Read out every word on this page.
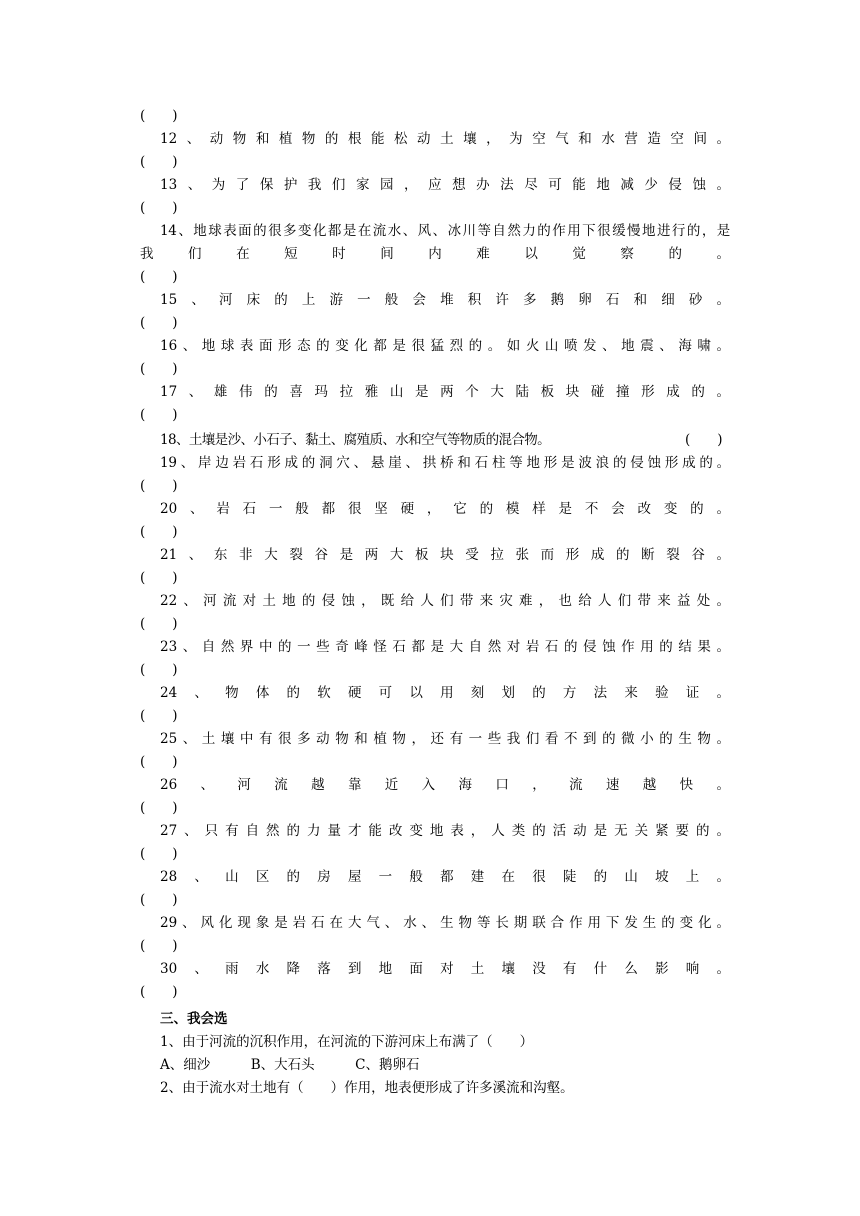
(　　)
12、动物和植物的根能松动土壤，为空气和水营造空间。
(　　)
13、为了保护我们家园，应想办法尽可能地减少侵蚀。
(　　)
14、地球表面的很多变化都是在流水、风、冰川等自然力的作用下很缓慢地进行的，是
我们在短时间内难以觉察的。
(　　)
15、河床的上游一般会堆积许多鹅卵石和细砂。
(　　)
16、地球表面形态的变化都是很猛烈的。如火山喷发、地震、海啸。
(　　)
17、雄伟的喜玛拉雅山是两个大陆板块碰撞形成的。
(　　)
18、土壤是沙、小石子、黏土、腐殖质、水和空气等物质的混合物。	(　　)
19、岸边岩石形成的洞穴、悬崖、拱桥和石柱等地形是波浪的侵蚀形成的。
(　　)
20、岩石一般都很坚硬，它的模样是不会改变的。
(　　)
21、东非大裂谷是两大板块受拉张而形成的断裂谷。
(　　)
22、河流对土地的侵蚀，既给人们带来灾难，也给人们带来益处。
(　　)
23、自然界中的一些奇峰怪石都是大自然对岩石的侵蚀作用的结果。
(　　)
24、物体的软硬可以用刻划的方法来验证。
(　　)
25、土壤中有很多动物和植物，还有一些我们看不到的微小的生物。
(　　)
26、河流越靠近入海口，流速越快。
(　　)
27、只有自然的力量才能改变地表，人类的活动是无关紧要的。
(　　)
28、山区的房屋一般都建在很陡的山坡上。
(　　)
29、风化现象是岩石在大气、水、生物等长期联合作用下发生的变化。
(　　)
30、雨水降落到地面对土壤没有什么影响。
(　　)
三、我会选
1、由于河流的沉积作用，在河流的下游河床上布满了（　　）
A、细沙　　　B、大石头　　　C、鹅卵石
2、由于流水对土地有（　　）作用，地表便形成了许多溪流和沟壑。
